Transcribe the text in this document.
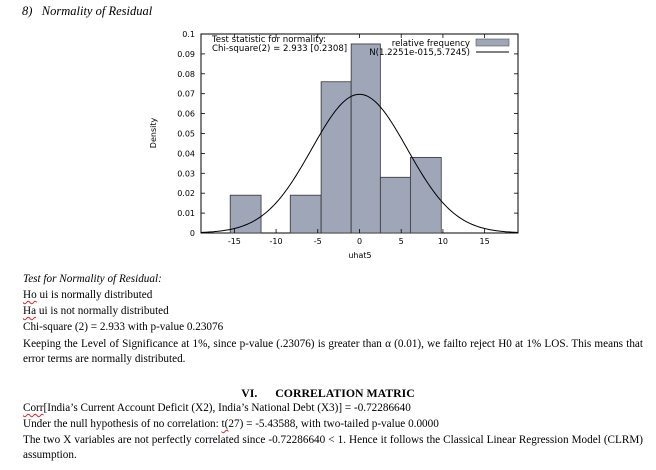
8)   Normality of Residual
-15	-10	-5	0	5	10	15
0
0.01
0.02
0.03
0.04
0.05
0.06
0.07
0.08
0.09
0.1
uhat5
Density
Test statistic for normality:
Chi-square(2) = 2.933 [0.2308]	relative frequency
N(1.2251e-015,5.7245)
Test for Normality of Residual:
Ho ui is normally distributed
Ha ui is not normally distributed
Chi-square (2) = 2.933 with p-value 0.23076
Keeping the Level of Significance at 1%, since p-value (.23076) is greater than α (0.01), we failto reject H0 at 1% LOS. This means that error terms are normally distributed.
VI. CORRELATION MATRIC
Corr[India’s Current Account Deficit (X2), India’s National Debt (X3)] = -0.72286640
Under the null hypothesis of no correlation: t(27) = -5.43588, with two-tailed p-value 0.0000
The two X variables are not perfectly correlated since -0.72286640 < 1. Hence it follows the Classical Linear Regression Model (CLRM) assumption.
